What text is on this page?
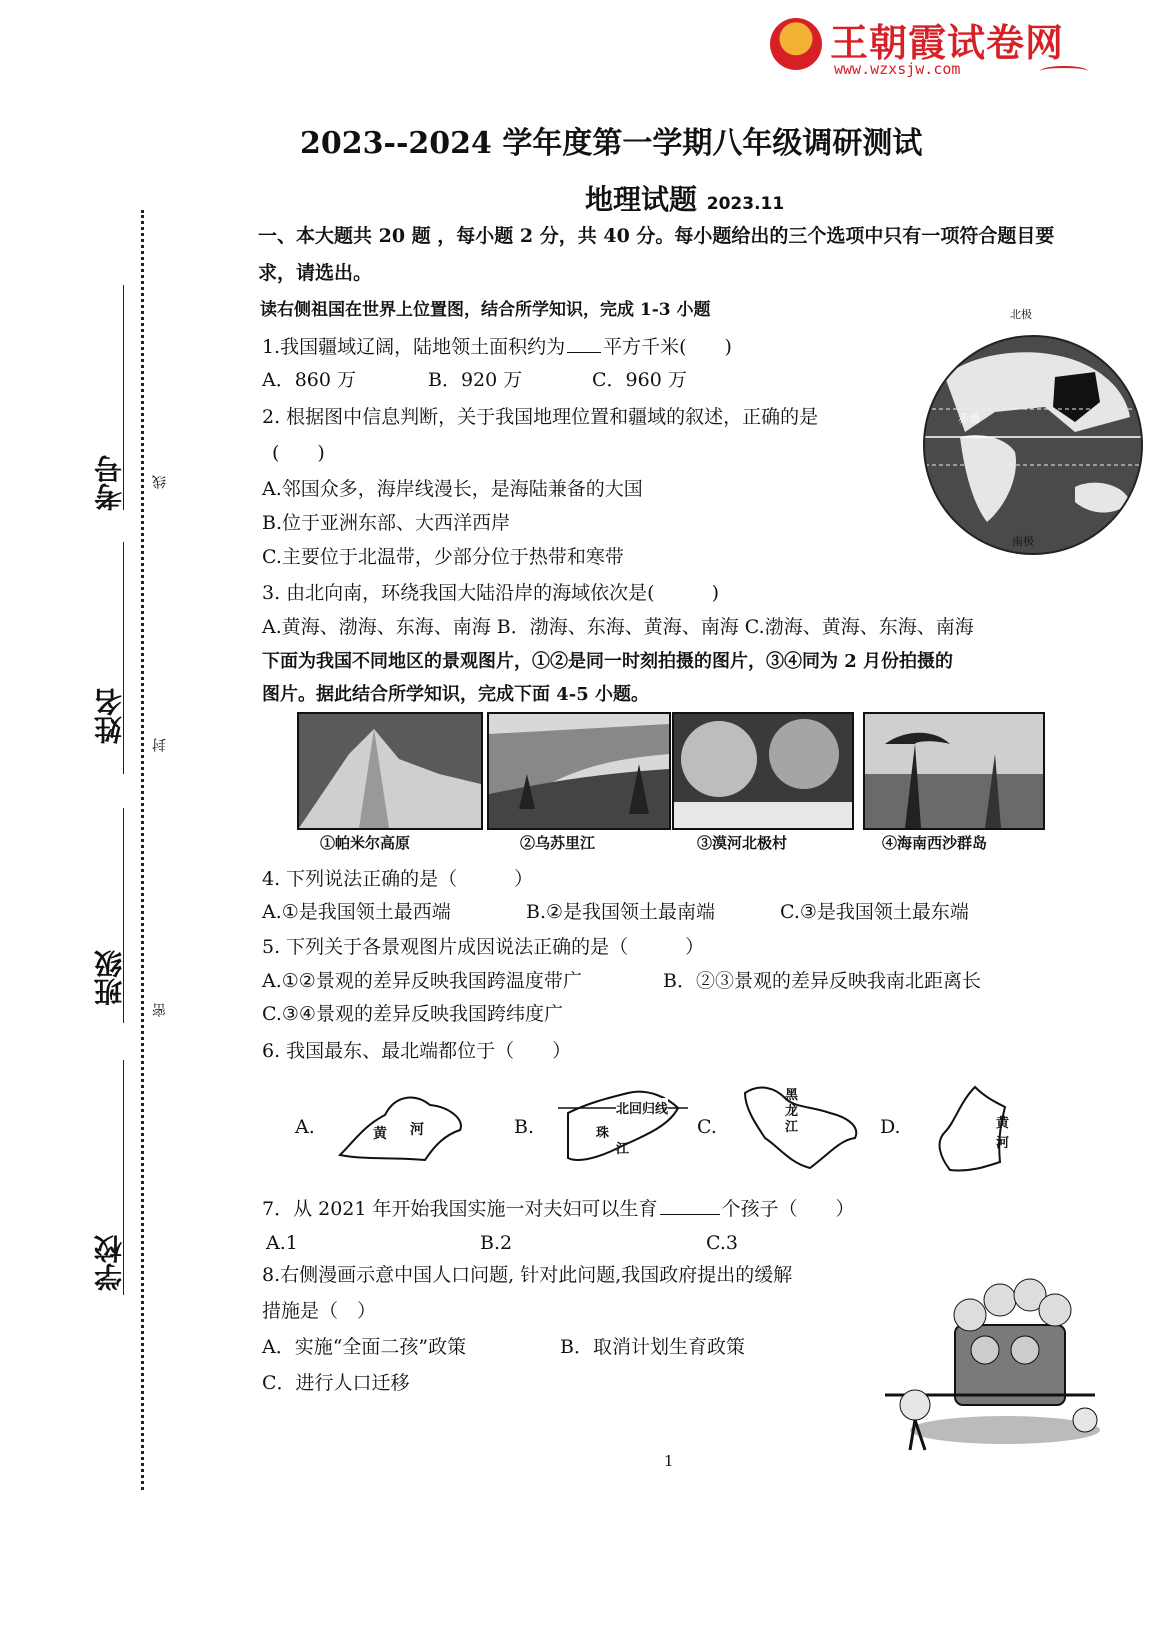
王朝霞试卷网
www.wzxsjw.com
2023--2024 学年度第一学期八年级调研测试
地理试题 2023.11
考号
姓名
班级
学校
线
封
密
一、本大题共 20 题 ，每小题 2 分，共 40 分。每小题给出的三个选项中只有一项符合题目要
求，请选出。
读右侧祖国在世界上位置图，结合所学知识，完成 1-3 小题
1.我国疆域辽阔，陆地领土面积约为 平方千米(　　)
A．860 万	B．920 万	C．960 万
北极
赤道
南极
2. 根据图中信息判断，关于我国地理位置和疆域的叙述，正确的是
(　　)
A.邻国众多，海岸线漫长，是海陆兼备的大国
B.位于亚洲东部、大西洋西岸
C.主要位于北温带，少部分位于热带和寒带
3. 由北向南，环绕我国大陆沿岸的海域依次是(　　　)
A.黄海、渤海、东海、南海 B．渤海、东海、黄海、南海 C.渤海、黄海、东海、南海
下面为我国不同地区的景观图片，①②是同一时刻拍摄的图片，③④同为 2 月份拍摄的
图片。据此结合所学知识，完成下面 4-5 小题。
①帕米尔高原	②乌苏里江	③漠河北极村	④海南西沙群岛
4. 下列说法正确的是（　　　）
A.①是我国领土最西端	B.②是我国领土最南端	C.③是我国领土最东端
5. 下列关于各景观图片成因说法正确的是（　　　）
A.①②景观的差异反映我国跨温度带广	B．②③景观的差异反映我南北距离长
C.③④景观的差异反映我国跨纬度广
6. 我国最东、最北端都位于（　　）
A.	黄 河	B.
北回归线
珠
江
C.
黑
龙
江	D.	黄
河
7．从 2021 年开始我国实施一对夫妇可以生育	个孩子（　　）
A.1	B.2	C.3
8.右侧漫画示意中国人口问题, 针对此问题,我国政府提出的缓解
措施是（　）
A．实施“全面二孩”政策	B．取消计划生育政策
C．进行人口迁移
1
